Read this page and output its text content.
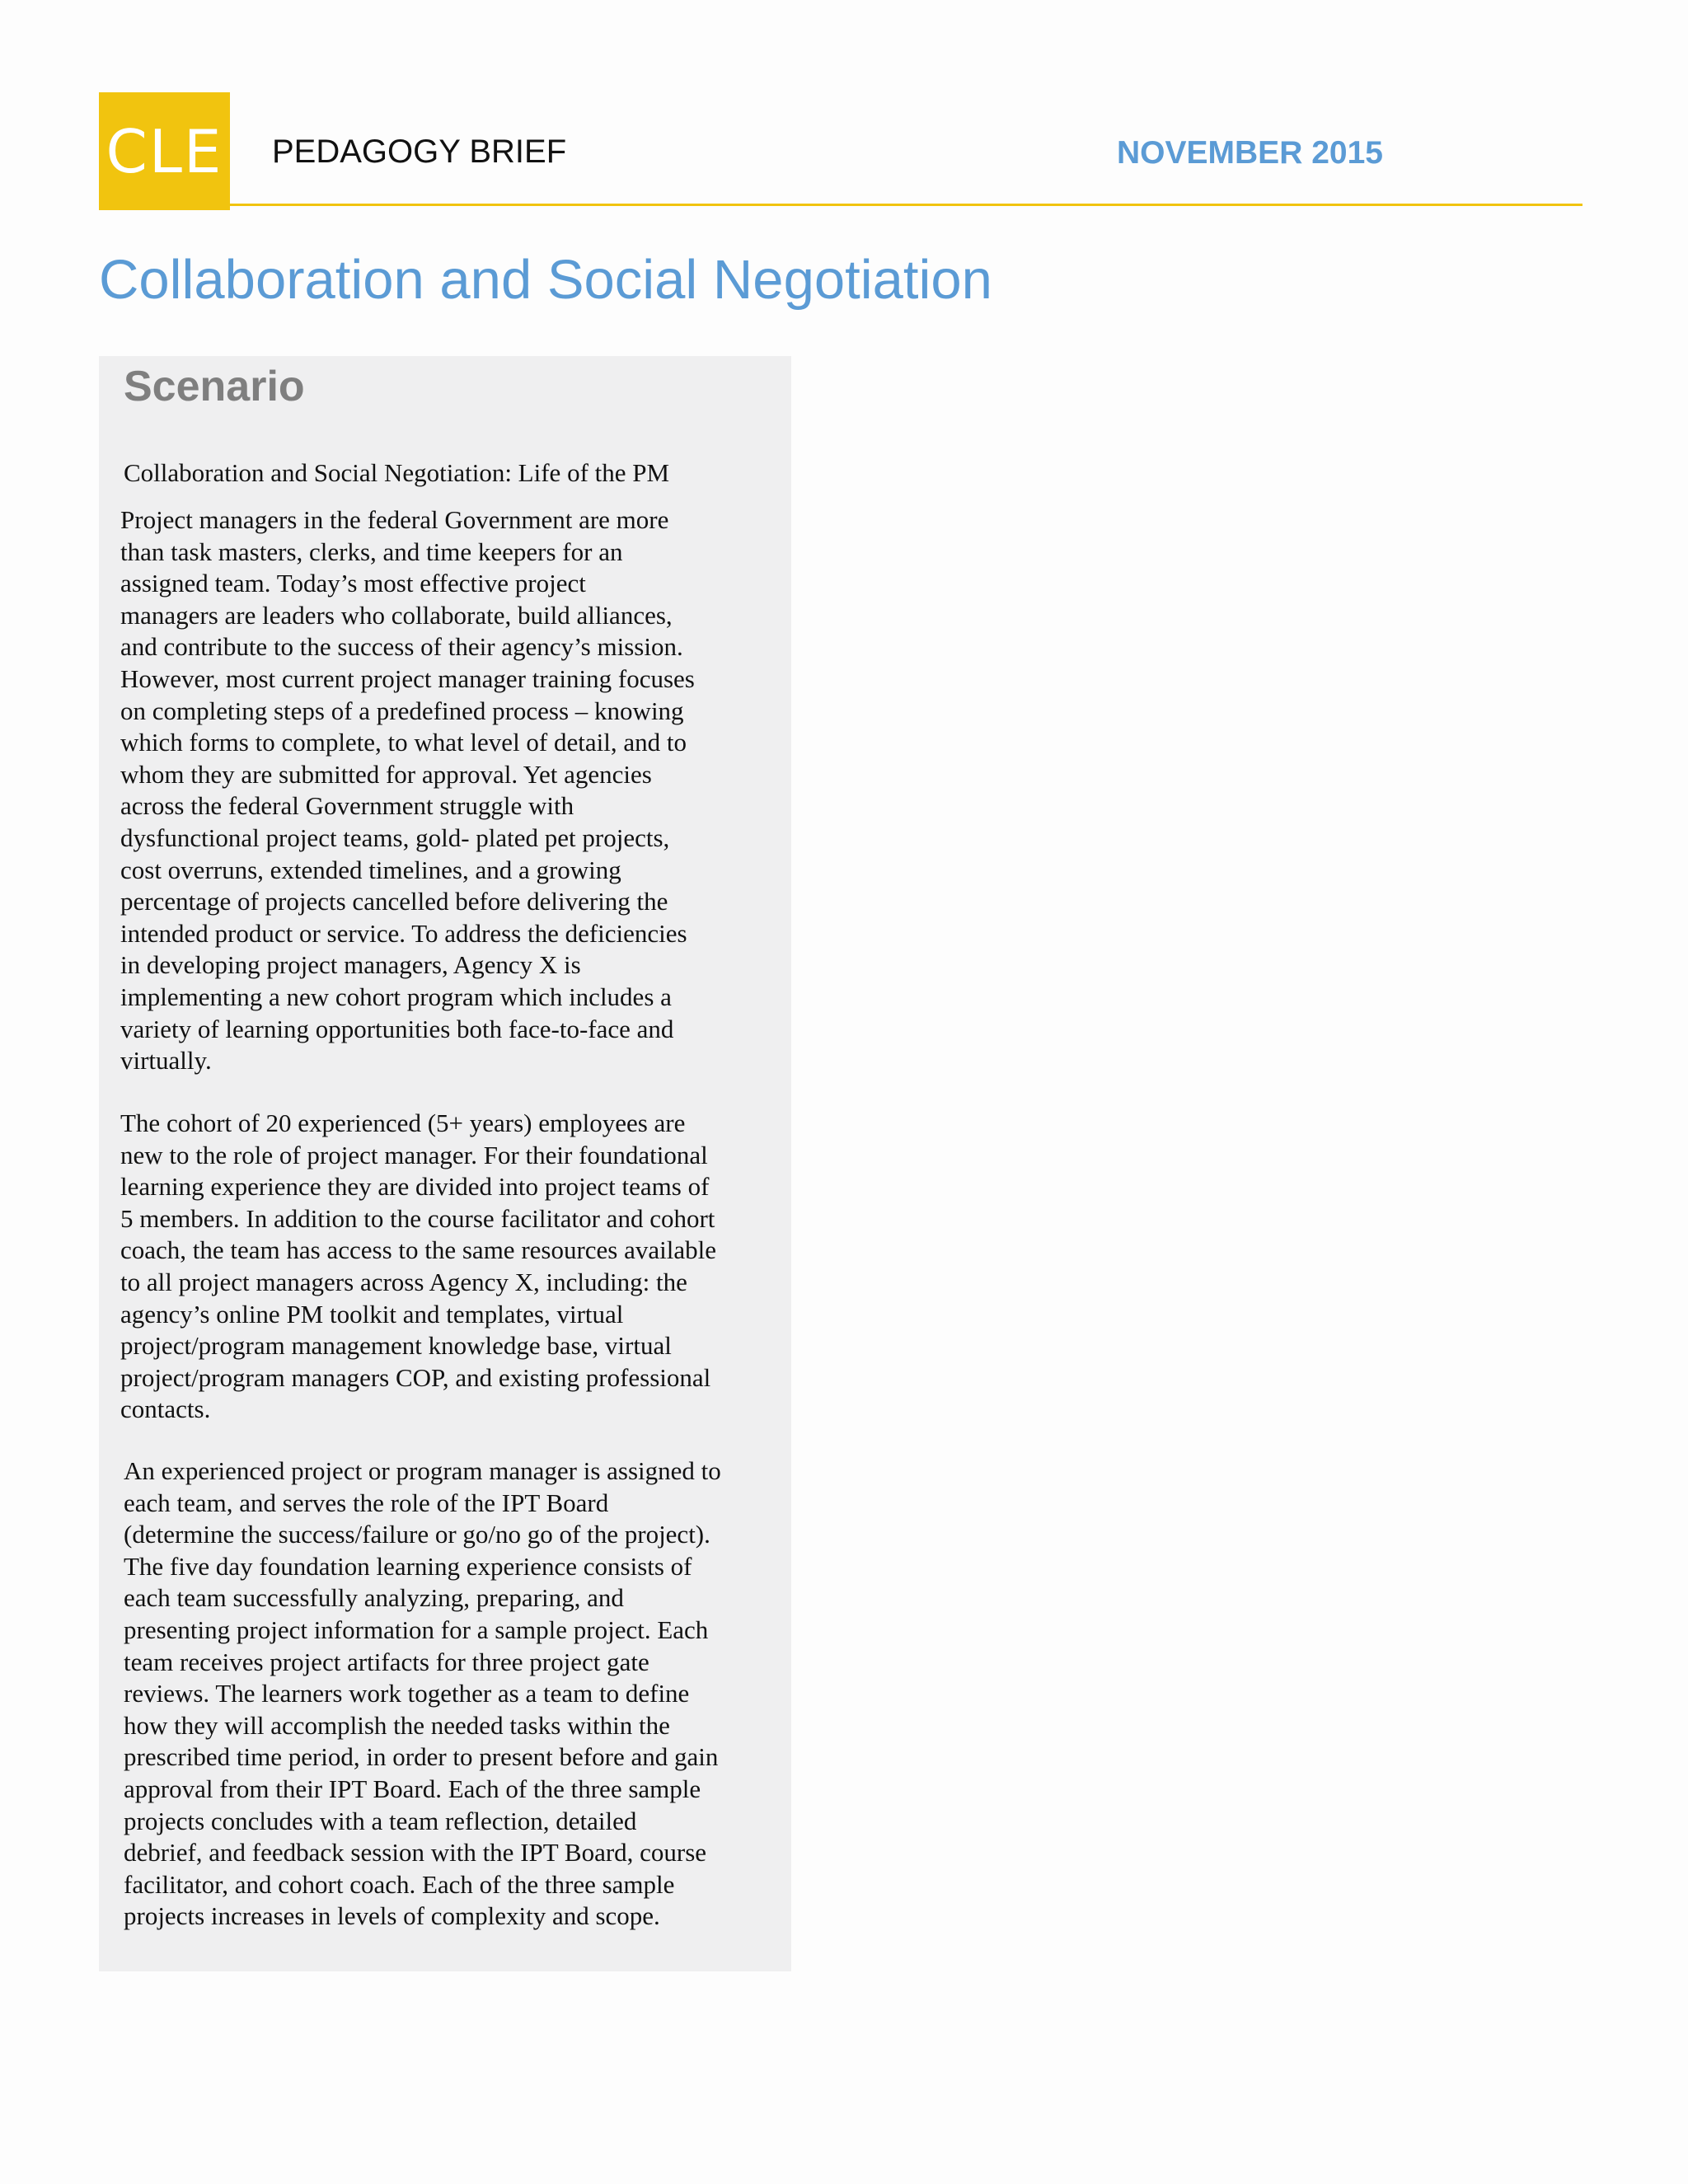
CLE PEDAGOGY BRIEF	NOVEMBER 2015
Collaboration and Social Negotiation
Scenario

Collaboration and Social Negotiation: Life of the PM

Project managers in the federal Government are more
than task masters, clerks, and time keepers for an
assigned team. Today’s most effective project
managers are leaders who collaborate, build alliances,
and contribute to the success of their agency’s mission.
However, most current project manager training focuses
on completing steps of a predefined process – knowing
which forms to complete, to what level of detail, and to
whom they are submitted for approval. Yet agencies
across the federal Government struggle with
dysfunctional project teams, gold- plated pet projects,
cost overruns, extended timelines, and a growing
percentage of projects cancelled before delivering the
intended product or service. To address the deficiencies
in developing project managers, Agency X is
implementing a new cohort program which includes a
variety of learning opportunities both face-to-face and
virtually.

The cohort of 20 experienced (5+ years) employees are
new to the role of project manager. For their foundational
learning experience they are divided into project teams of
5 members. In addition to the course facilitator and cohort
coach, the team has access to the same resources available
to all project managers across Agency X, including: the
agency’s online PM toolkit and templates, virtual
project/program management knowledge base, virtual
project/program managers COP, and existing professional
contacts.

An experienced project or program manager is assigned to
each team, and serves the role of the IPT Board
(determine the success/failure or go/no go of the project).
The five day foundation learning experience consists of
each team successfully analyzing, preparing, and
presenting project information for a sample project. Each
team receives project artifacts for three project gate
reviews. The learners work together as a team to define
how they will accomplish the needed tasks within the
prescribed time period, in order to present before and gain
approval from their IPT Board. Each of the three sample
projects concludes with a team reflection, detailed
debrief, and feedback session with the IPT Board, course
facilitator, and cohort coach. Each of the three sample
projects increases in levels of complexity and scope.
